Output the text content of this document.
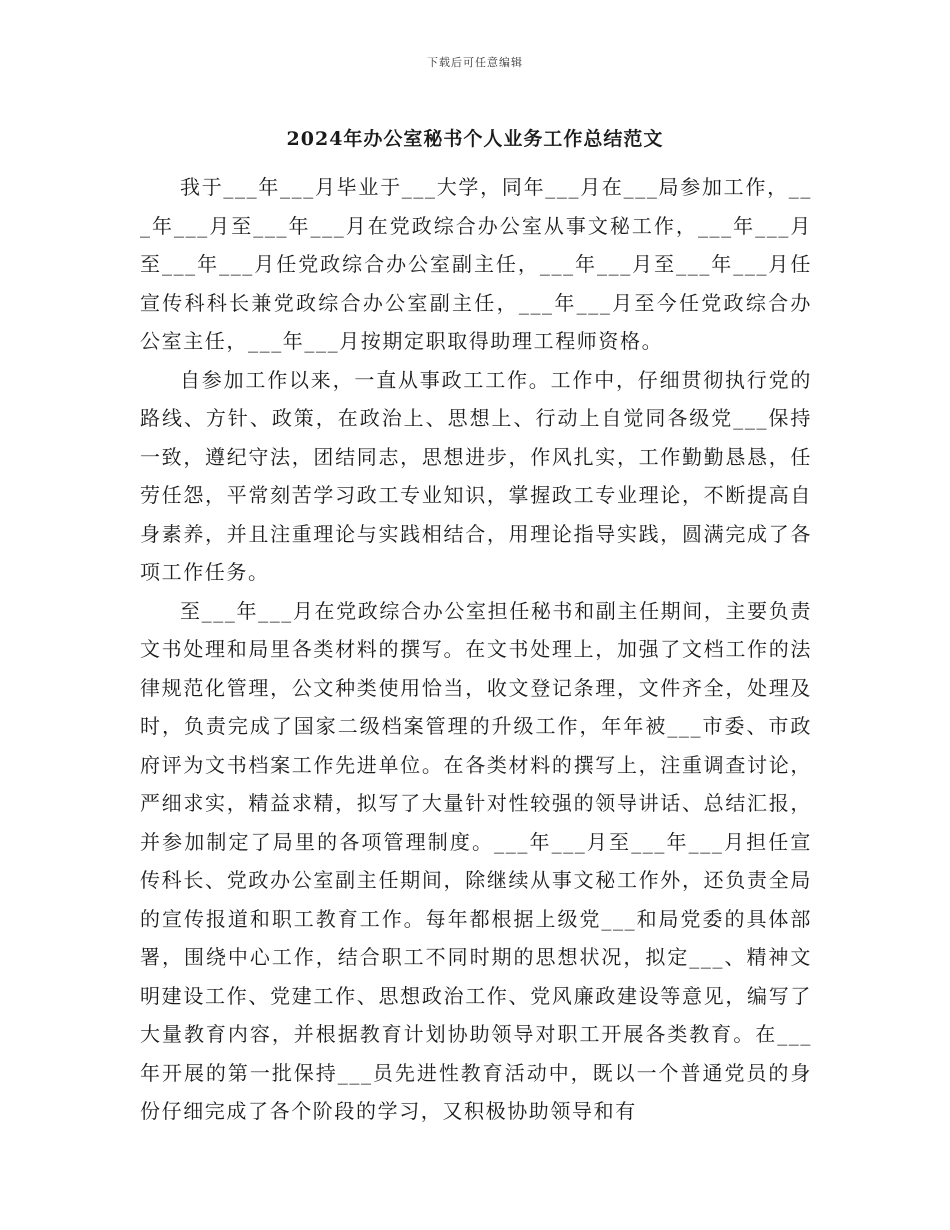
下载后可任意编辑
2024年办公室秘书个人业务工作总结范文

我于___年___月毕业于___大学，同年___月在___局参加工作，___年___月至___年___月在党政综合办公室从事文秘工作，___年___月至___年___月任党政综合办公室副主任，___年___月至___年___月任宣传科科长兼党政综合办公室副主任，___年___月至今任党政综合办公室主任，___年___月按期定职取得助理工程师资格。

自参加工作以来，一直从事政工工作。工作中，仔细贯彻执行党的路线、方针、政策，在政治上、思想上、行动上自觉同各级党___保持一致，遵纪守法，团结同志，思想进步，作风扎实，工作勤勤恳恳，任劳任怨，平常刻苦学习政工专业知识，掌握政工专业理论，不断提高自身素养，并且注重理论与实践相结合，用理论指导实践，圆满完成了各项工作任务。

至___年___月在党政综合办公室担任秘书和副主任期间，主要负责文书处理和局里各类材料的撰写。在文书处理上，加强了文档工作的法律规范化管理，公文种类使用恰当，收文登记条理，文件齐全，处理及时，负责完成了国家二级档案管理的升级工作，年年被___市委、市政府评为文书档案工作先进单位。在各类材料的撰写上，注重调查讨论，严细求实，精益求精，拟写了大量针对性较强的领导讲话、总结汇报，并参加制定了局里的各项管理制度。___年___月至___年___月担任宣传科长、党政办公室副主任期间，除继续从事文秘工作外，还负责全局的宣传报道和职工教育工作。每年都根据上级党___和局党委的具体部署，围绕中心工作，结合职工不同时期的思想状况，拟定___、精神文明建设工作、党建工作、思想政治工作、党风廉政建设等意见，编写了大量教育内容，并根据教育计划协助领导对职工开展各类教育。在___年开展的第一批保持___员先进性教育活动中，既以一个普通党员的身份仔细完成了各个阶段的学习，又积极协助领导和有
